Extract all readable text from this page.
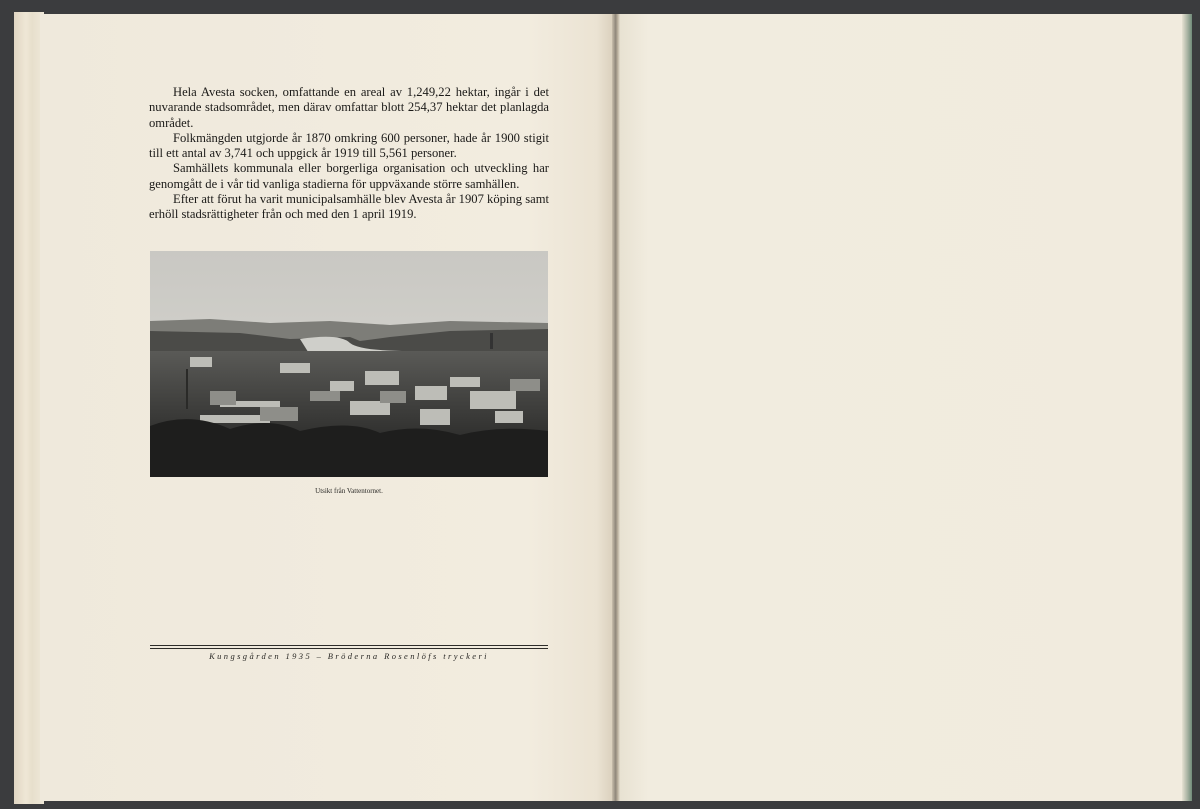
Hela Avesta socken, omfattande en areal av 1,249,22 hektar, ingår i det nuvarande stadsområdet, men därav omfattar blott 254,37 hektar det planlagda området.

Folkmängden utgjorde år 1870 omkring 600 personer, hade år 1900 stigit till ett antal av 3,741 och uppgick år 1919 till 5,561 personer.

Samhällets kommunala eller borgerliga organisation och utveckling har genomgått de i vår tid vanliga stadierna för uppväxande större samhällen.

Efter att förut ha varit municipalsamhälle blev Avesta år 1907 köping samt erhöll stadsrättigheter från och med den 1 april 1919.

Utsikt från Vattentornet.
Kungsgården 1935 – Bröderna Rosenlöfs tryckeri
